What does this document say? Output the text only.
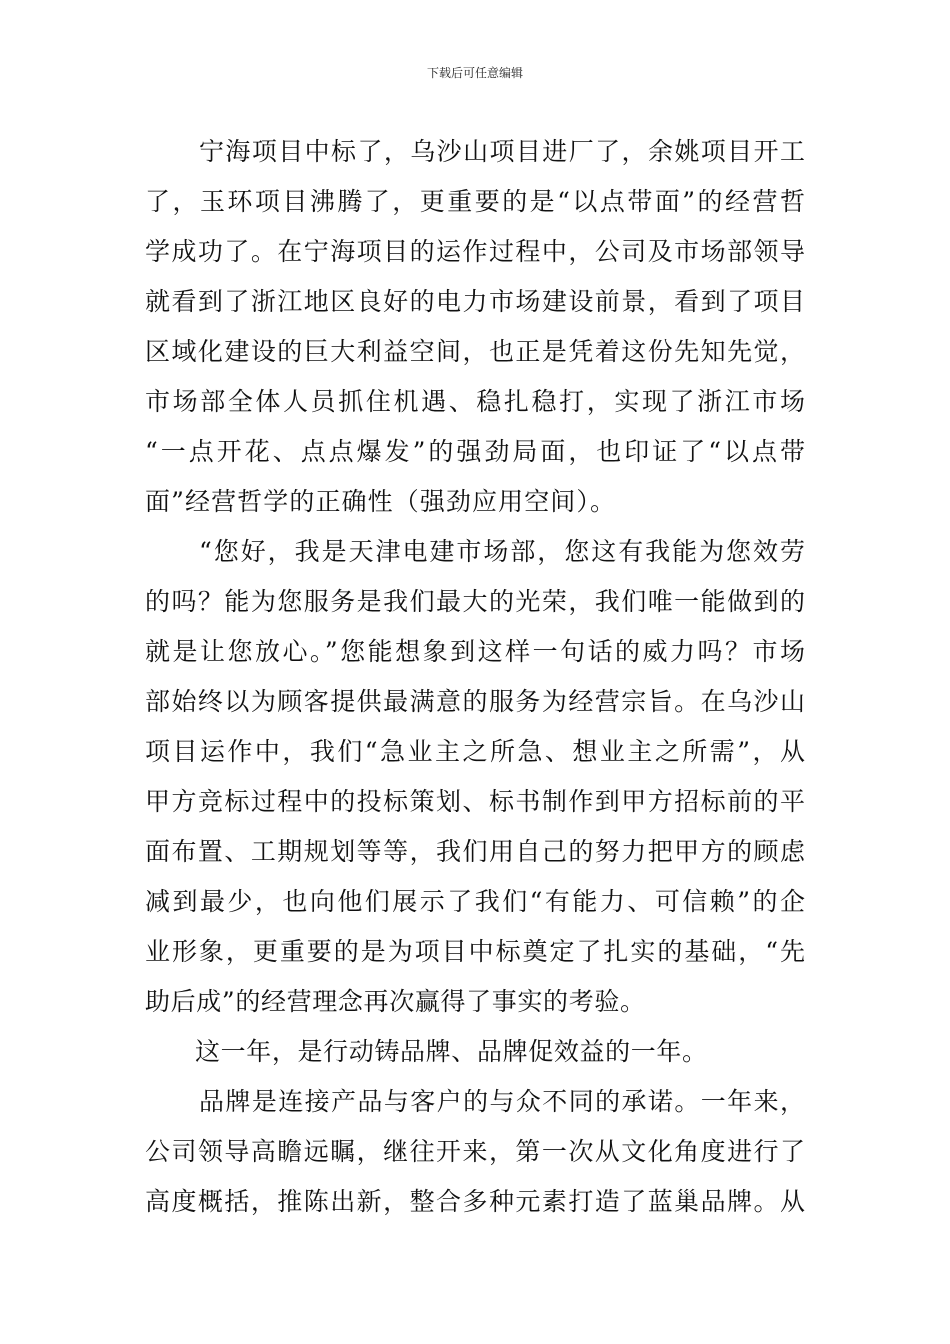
下载后可任意编辑
宁海项目中标了，乌沙山项目进厂了，余姚项目开工
了，玉环项目沸腾了，更重要的是“以点带面”的经营哲
学成功了。在宁海项目的运作过程中，公司及市场部领导
就看到了浙江地区良好的电力市场建设前景，看到了项目
区域化建设的巨大利益空间，也正是凭着这份先知先觉，
市场部全体人员抓住机遇、稳扎稳打，实现了浙江市场
“一点开花、点点爆发”的强劲局面，也印证了“以点带
面”经营哲学的正确性（强劲应用空间）。
“您好，我是天津电建市场部，您这有我能为您效劳
的吗？能为您服务是我们最大的光荣，我们唯一能做到的
就是让您放心。”您能想象到这样一句话的威力吗？市场
部始终以为顾客提供最满意的服务为经营宗旨。在乌沙山
项目运作中，我们“急业主之所急、想业主之所需”，从
甲方竞标过程中的投标策划、标书制作到甲方招标前的平
面布置、工期规划等等，我们用自己的努力把甲方的顾虑
减到最少，也向他们展示了我们“有能力、可信赖”的企
业形象，更重要的是为项目中标奠定了扎实的基础，“先
助后成”的经营理念再次赢得了事实的考验。
这一年，是行动铸品牌、品牌促效益的一年。
品牌是连接产品与客户的与众不同的承诺。一年来，
公司领导高瞻远瞩，继往开来，第一次从文化角度进行了
高度概括，推陈出新，整合多种元素打造了蓝巢品牌。从
